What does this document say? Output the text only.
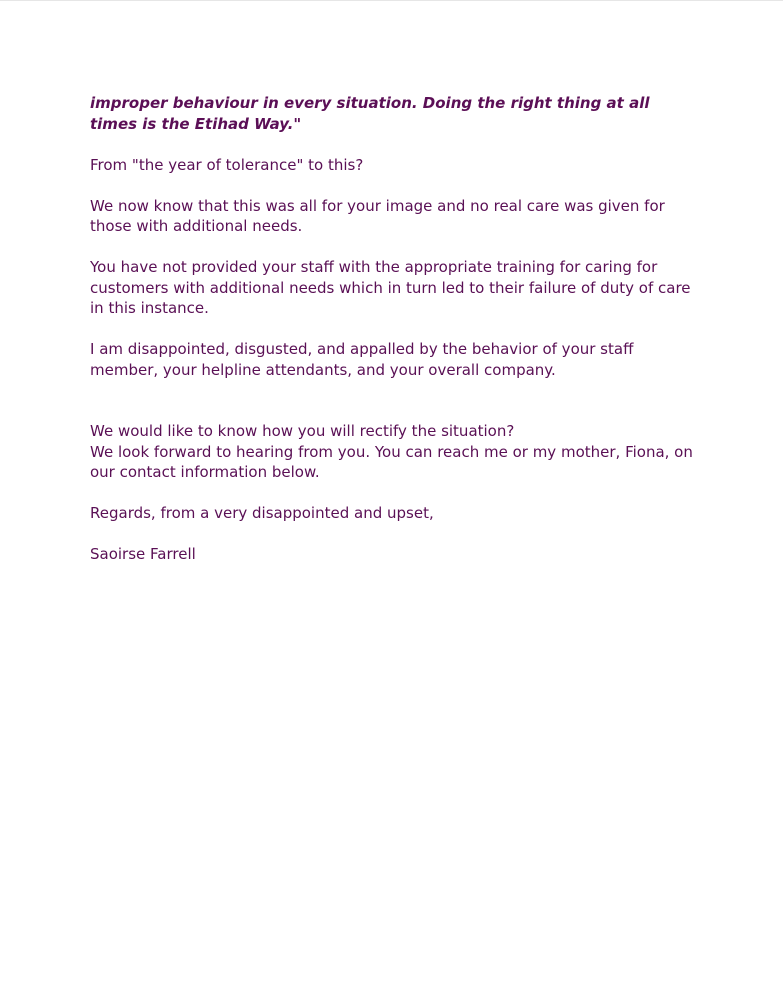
improper behaviour in every situation. Doing the right thing at all times is the Etihad Way."

From "the year of tolerance" to this?

We now know that this was all for your image and no real care was given for those with additional needs.

You have not provided your staff with the appropriate training for caring for customers with additional needs which in turn led to their failure of duty of care in this instance.

I am disappointed, disgusted, and appalled by the behavior of your staff member, your helpline attendants, and your overall company.

We would like to know how you will rectify the situation?

We look forward to hearing from you. You can reach me or my mother, Fiona, on our contact information below.

Regards, from a very disappointed and upset,

Saoirse Farrell
